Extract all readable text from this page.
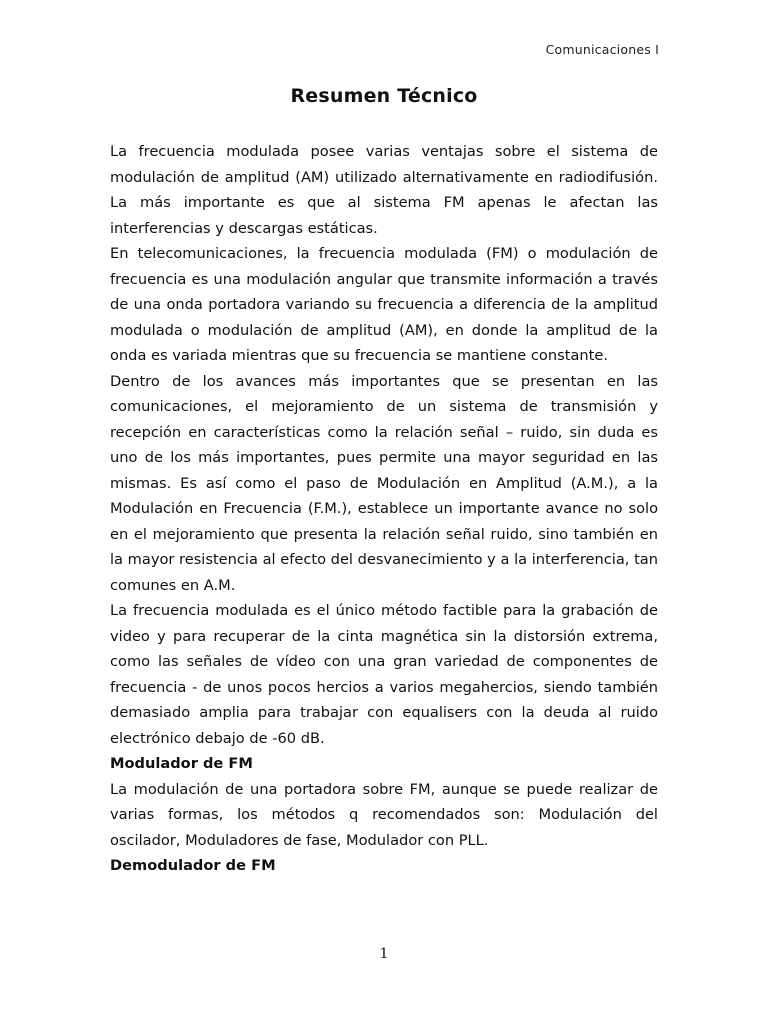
Comunicaciones I
Resumen Técnico

La frecuencia modulada posee varias ventajas sobre el sistema de modulación de amplitud (AM) utilizado alternativamente en radiodifusión. La más importante es que al sistema FM apenas le afectan las interferencias y descargas estáticas.

En telecomunicaciones, la frecuencia modulada (FM) o modulación de frecuencia es una modulación angular que transmite información a través de una onda portadora variando su frecuencia a diferencia de la amplitud modulada o modulación de amplitud (AM), en donde la amplitud de la onda es variada mientras que su frecuencia se mantiene constante.

Dentro de los avances más importantes que se presentan en las comunicaciones, el mejoramiento de un sistema de transmisión y recepción en características como la relación señal – ruido, sin duda es uno de los más importantes, pues permite una mayor seguridad en las mismas. Es así como el paso de Modulación en Amplitud (A.M.), a la Modulación en Frecuencia (F.M.), establece un importante avance no solo en el mejoramiento que presenta la relación señal ruido, sino también en la mayor resistencia al efecto del desvanecimiento y a la interferencia, tan comunes en A.M.

La frecuencia modulada es el único método factible para la grabación de video y para recuperar de la cinta magnética sin la distorsión extrema, como las señales de vídeo con una gran variedad de componentes de frecuencia - de unos pocos hercios a varios megahercios, siendo también demasiado amplia para trabajar con equalisers con la deuda al ruido electrónico debajo de -60 dB.

Modulador de FM

La modulación de una portadora sobre FM, aunque se puede realizar de varias formas, los métodos q recomendados son: Modulación del oscilador, Moduladores de fase, Modulador con PLL.

Demodulador de FM
1
